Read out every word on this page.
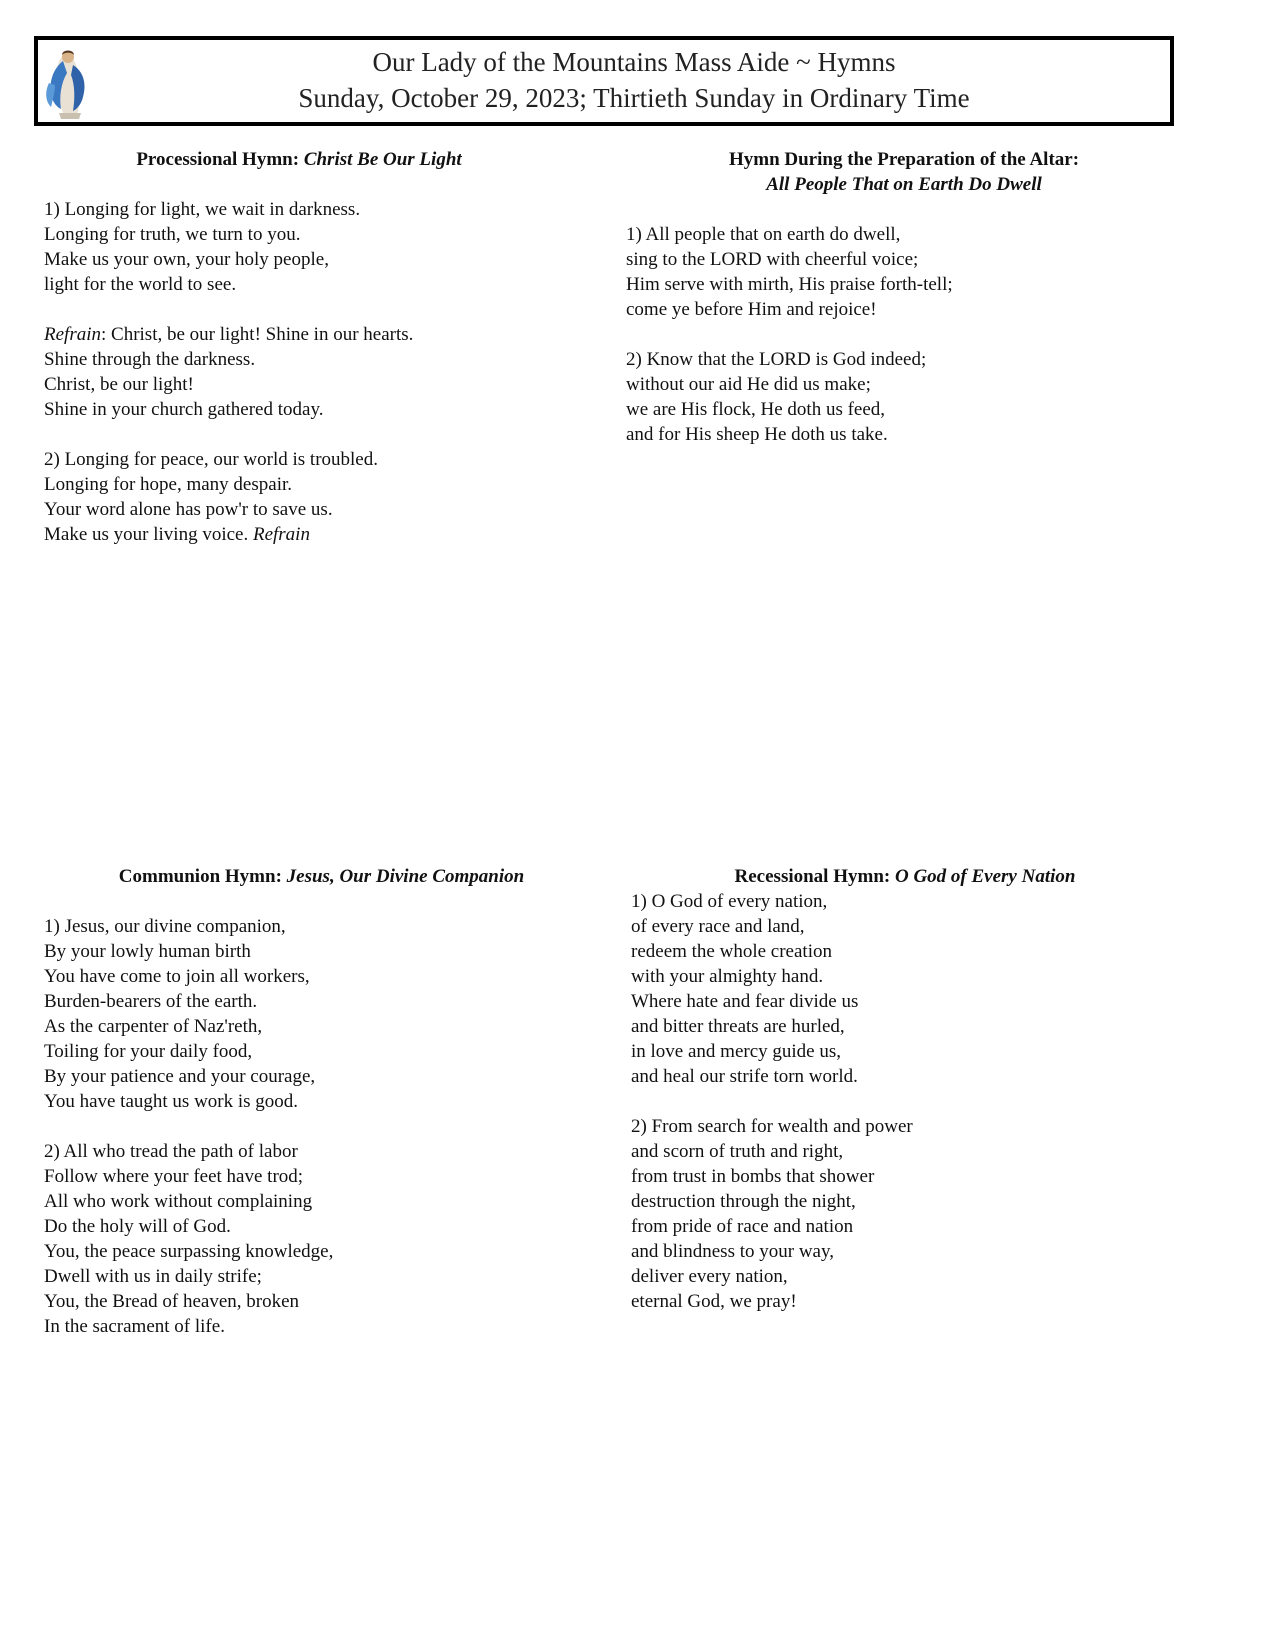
Our Lady of the Mountains Mass Aide ~ Hymns
Sunday, October 29, 2023; Thirtieth Sunday in Ordinary Time
Processional Hymn: Christ Be Our Light
1) Longing for light, we wait in darkness.
Longing for truth, we turn to you.
Make us your own, your holy people,
light for the world to see.
Refrain: Christ, be our light! Shine in our hearts.
Shine through the darkness.
Christ, be our light!
Shine in your church gathered today.
2) Longing for peace, our world is troubled.
Longing for hope, many despair.
Your word alone has pow'r to save us.
Make us your living voice. Refrain
Hymn During the Preparation of the Altar:
All People That on Earth Do Dwell
1) All people that on earth do dwell,
sing to the LORD with cheerful voice;
Him serve with mirth, His praise forth-tell;
come ye before Him and rejoice!
2) Know that the LORD is God indeed;
without our aid He did us make;
we are His flock, He doth us feed,
and for His sheep He doth us take.
Communion Hymn: Jesus, Our Divine Companion
1) Jesus, our divine companion,
By your lowly human birth
You have come to join all workers,
Burden-bearers of the earth.
As the carpenter of Naz'reth,
Toiling for your daily food,
By your patience and your courage,
You have taught us work is good.
2) All who tread the path of labor
Follow where your feet have trod;
All who work without complaining
Do the holy will of God.
You, the peace surpassing knowledge,
Dwell with us in daily strife;
You, the Bread of heaven, broken
In the sacrament of life.
Recessional Hymn: O God of Every Nation
1) O God of every nation,
of every race and land,
redeem the whole creation
with your almighty hand.
Where hate and fear divide us
and bitter threats are hurled,
in love and mercy guide us,
and heal our strife torn world.
2) From search for wealth and power
and scorn of truth and right,
from trust in bombs that shower
destruction through the night,
from pride of race and nation
and blindness to your way,
deliver every nation,
eternal God, we pray!
